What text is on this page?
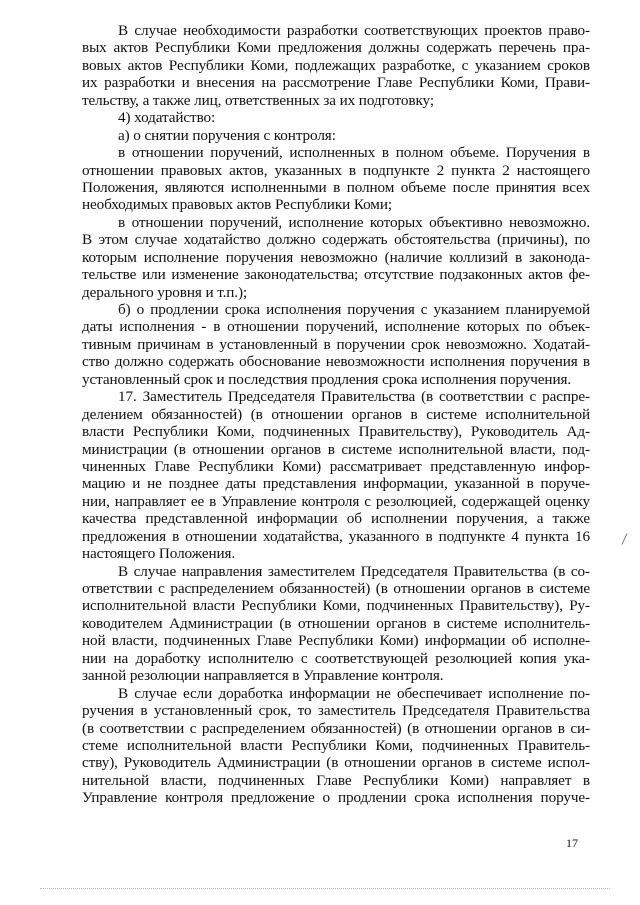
В случае необходимости разработки соответствующих проектов право-
вых актов Республики Коми предложения должны содержать перечень пра-
вовых актов Республики Коми, подлежащих разработке, с указанием сроков
их разработки и внесения на рассмотрение Главе Республики Коми, Прави-
тельству, а также лиц, ответственных за их подготовку;
4) ходатайство:
а) о снятии поручения с контроля:
в отношении поручений, исполненных в полном объеме. Поручения в
отношении правовых актов, указанных в подпункте 2 пункта 2 настоящего
Положения, являются исполненными в полном объеме после принятия всех
необходимых правовых актов Республики Коми;
в отношении поручений, исполнение которых объективно невозможно.
В этом случае ходатайство должно содержать обстоятельства (причины), по
которым исполнение поручения невозможно (наличие коллизий в законода-
тельстве или изменение законодательства; отсутствие подзаконных актов фе-
дерального уровня и т.п.);
б) о продлении срока исполнения поручения с указанием планируемой
даты исполнения - в отношении поручений, исполнение которых по объек-
тивным причинам в установленный в поручении срок невозможно. Ходатай-
ство должно содержать обоснование невозможности исполнения поручения в
установленный срок и последствия продления срока исполнения поручения.
17. Заместитель Председателя Правительства (в соответствии с распре-
делением обязанностей) (в отношении органов в системе исполнительной
власти Республики Коми, подчиненных Правительству), Руководитель Ад-
министрации (в отношении органов в системе исполнительной власти, под-
чиненных Главе Республики Коми) рассматривает представленную инфор-
мацию и не позднее даты представления информации, указанной в поруче-
нии, направляет ее в Управление контроля с резолюцией, содержащей оценку
качества представленной информации об исполнении поручения, а также
предложения в отношении ходатайства, указанного в подпункте 4 пункта 16
настоящего Положения.
В случае направления заместителем Председателя Правительства (в со-
ответствии с распределением обязанностей) (в отношении органов в системе
исполнительной власти Республики Коми, подчиненных Правительству), Ру-
ководителем Администрации (в отношении органов в системе исполнитель-
ной власти, подчиненных Главе Республики Коми) информации об исполне-
нии на доработку исполнителю с соответствующей резолюцией копия ука-
занной резолюции направляется в Управление контроля.
В случае если доработка информации не обеспечивает исполнение по-
ручения в установленный срок, то заместитель Председателя Правительства
(в соответствии с распределением обязанностей) (в отношении органов в си-
стеме исполнительной власти Республики Коми, подчиненных Правитель-
ству), Руководитель Администрации (в отношении органов в системе испол-
нительной власти, подчиненных Главе Республики Коми) направляет в
Управление контроля предложение о продлении срока исполнения поруче-
17
